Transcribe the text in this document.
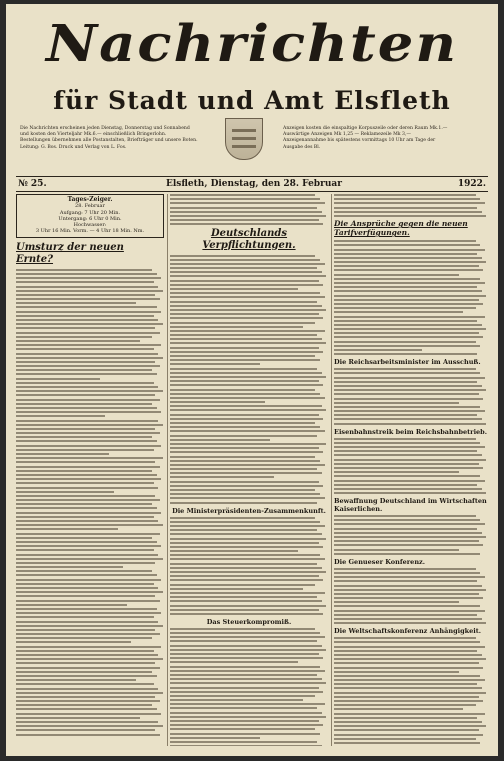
Nachrichten
für Stadt und Amt Elsfleth
Die Nachrichten erscheinen jeden Dienstag, Donnerstag und Sonnabend
und kosten den Vierteljahr Mk.6.— einschließlich Bringerlohn.
Bestellungen übernehmen alle Postanstalten, Briefträger und unsere Boten.
Leitung: G. Bos. Druck und Verlag von L. Fos.
Anzeigen kosten die einspaltige Korpuszeile oder deren Raum Mk.1.—
Auswärtige Anzeigen Mk 1,25 — Reklamezeile Mk 3,—
Anzeigenannahme bis spätestens vormittags 10 Uhr am Tage der
Ausgabe des Bl.
№ 25.	Elsfleth, Dienstag, den 28. Februar	1922.
Tages-Zeiger.
28. Februar
Aufgang: 7 Uhr 20 Min.
Untergang: 6 Uhr 0 Min.
Hochwasser:
3 Uhr 16 Min. Vorm. — 4 Uhr 18 Min. Nm.
Umsturz der neuen Ernte?
Deutschlands Verpflichtungen.
Die Ministerpräsidenten-Zusammenkunft.
Das Steuerkompromiß.
Die Ansprüche gegen die neuen Tarifverfügungen.
Die Reichsarbeitsminister im Ausschuß.
Eisenbahnstreik beim Reichsbahnbetrieb.
Bewaffnung Deutschland im Wirtschaften Kaiserlichen.
Die Genueser Konferenz.
Die Weltschaftskonferenz Anhängigkeit.
